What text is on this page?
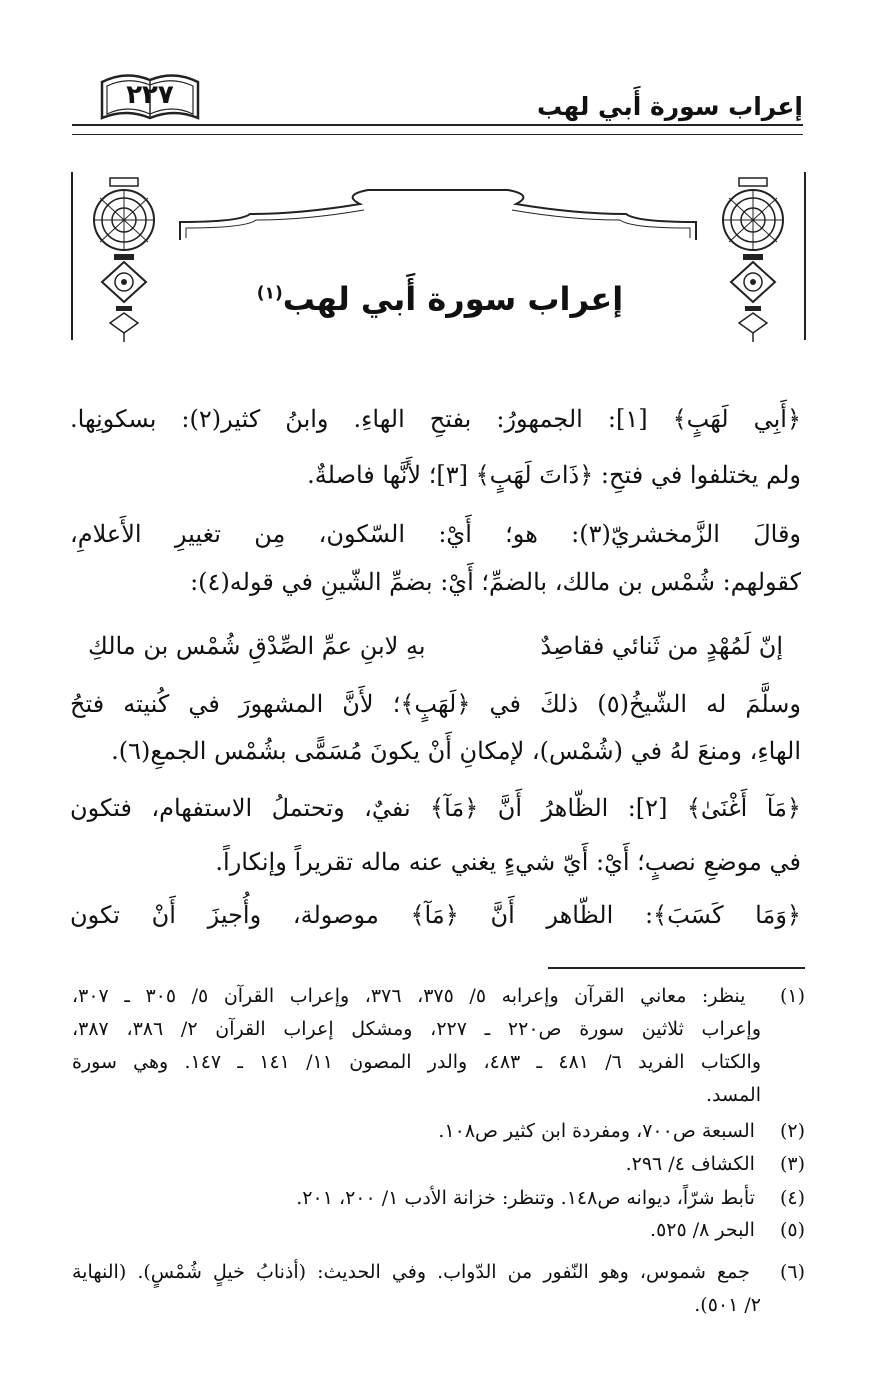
إعراب سورة أَبي لهب
٢٢٧
إعراب سورة أَبي لهب$^{(١)}$
﴿أَبِي لَهَبٍ﴾ [١]: الجمهورُ: بفتحِ الهاءِ. وابنُ كثير(٢): بسكونِها.
ولم يختلفوا في فتحِ: ﴿ذَاتَ لَهَبٍ﴾ [٣]؛ لأَنَّها فاصلةٌ.
وقالَ الزَّمخشريّ(٣): هو؛ أَيْ: السّكون، مِن تغييرِ الأَعلامِ،
كقولهم: شُمْس بن مالك، بالضمِّ؛ أَيْ: بضمِّ الشّينِ في قوله(٤):
إنّ لَمُهْدٍ من ثَنائي فقاصِدٌ
بهِ لابنِ عمِّ الصِّدْقِ شُمْس بن مالكِ
وسلَّمَ له الشّيخُ(٥) ذلكَ في ﴿لَهَبٍ﴾؛ لأَنَّ المشهورَ في كُنيته فتحُ
الهاءِ، ومنعَ لهُ في (شُمْس)، لإمكانِ أَنْ يكونَ مُسَمًّى بشُمْس الجمعِ(٦).
﴿مَآ أَغْنَىٰ﴾ [٢]: الظّاهرُ أَنَّ ﴿مَآ﴾ نفيٌ، وتحتملُ الاستفهام، فتكون
في موضعِ نصبٍ؛ أَيْ: أَيّ شيءٍ يغني عنه ماله تقريراً وإنكاراً.
﴿وَمَا كَسَبَ﴾: الظّاهر أَنَّ ﴿مَآ﴾ موصولة، وأُجيزَ أَنْ تكون
(١) ينظر: معاني القرآن وإعرابه ٥/ ٣٧٥، ٣٧٦، وإعراب القرآن ٥/ ٣٠٥ ـ ٣٠٧،
وإعراب ثلاثين سورة ص٢٢٠ ـ ٢٢٧، ومشكل إعراب القرآن ٢/ ٣٨٦، ٣٨٧،
والكتاب الفريد ٦/ ٤٨١ ـ ٤٨٣، والدر المصون ١١/ ١٤١ ـ ١٤٧. وهي سورة
المسد.
(٢) السبعة ص٧٠٠، ومفردة ابن كثير ص١٠٨.
(٣) الكشاف ٤/ ٢٩٦.
(٤) تأبط شرّاً، ديوانه ص١٤٨. وتنظر: خزانة الأدب ١/ ٢٠٠، ٢٠١.
(٥) البحر ٨/ ٥٢٥.
(٦) جمع شموس، وهو النّفور من الدّواب. وفي الحديث: (أذنابُ خيلٍ شُمْسٍ). (النهاية
٢/ ٥٠١).
